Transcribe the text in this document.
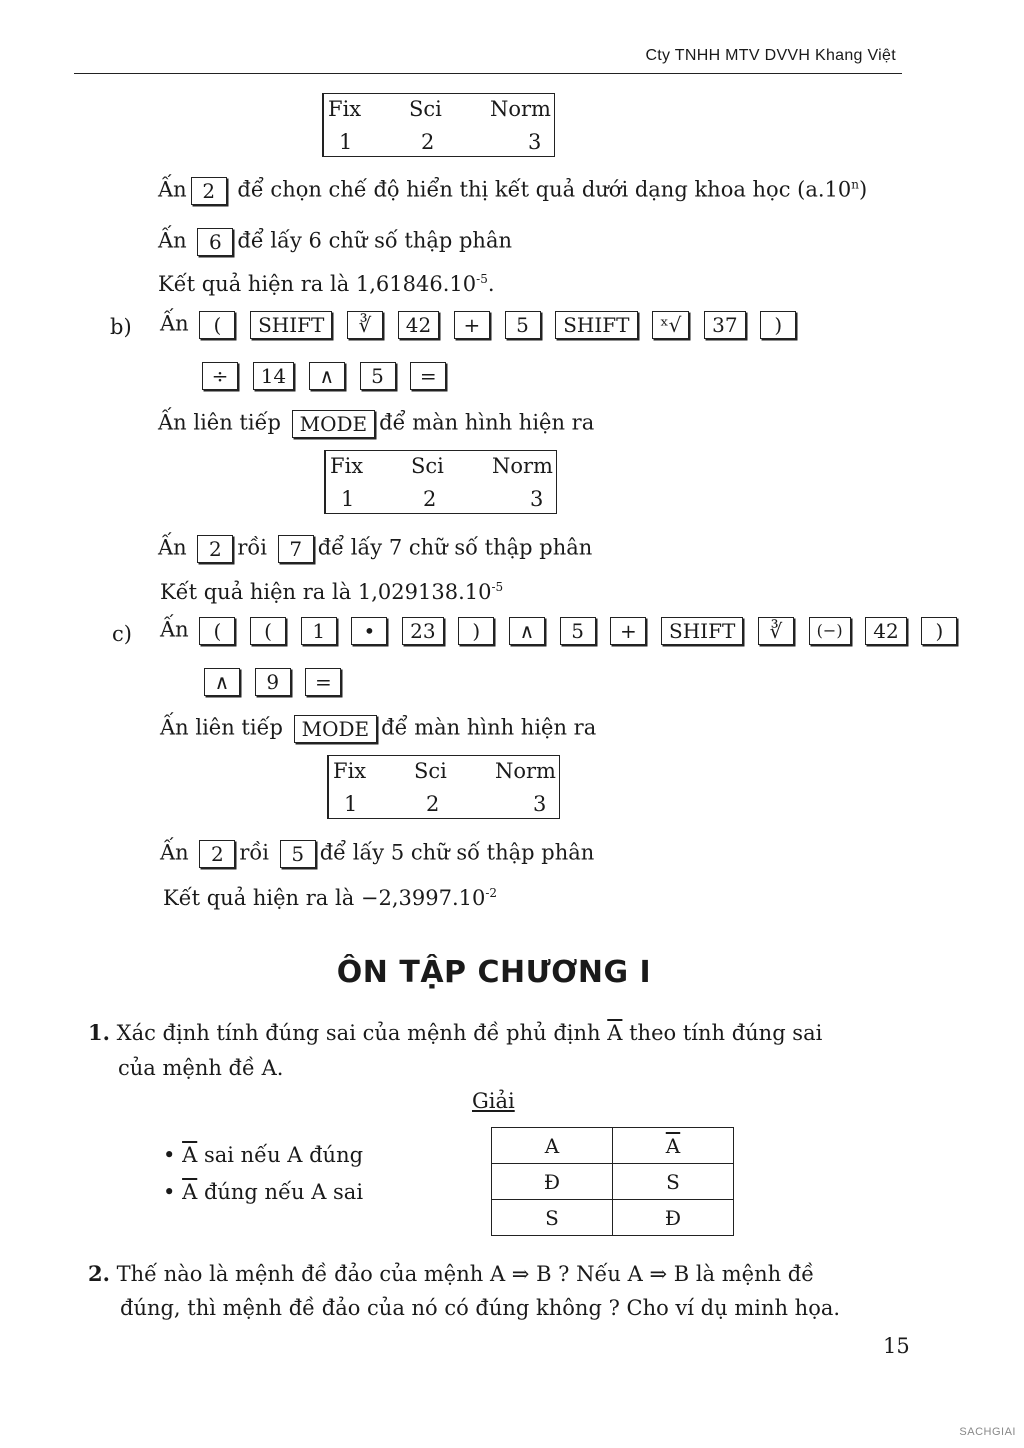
Cty TNHH MTV DVVH Khang Việt
Fix Sci Norm
1	2	3
Ấn 2 để chọn chế độ hiển thị kết quả dưới dạng khoa học (a.10$^n$)
Ấn 6 để lấy 6 chữ số thập phân
Kết quả hiện ra là $1,61846.10^{-5}$.
b) Ấn ( SHIFT ∛ 42 + 5 SHIFT ˣ√ 37 )
÷ 14 ∧ 5 =
Ấn liên tiếp MODE để màn hình hiện ra
Fix Sci Norm
1	2	3
Ấn 2 rồi 7 để lấy 7 chữ số thập phân
Kết quả hiện ra là $1,029138.10^{-5}$
c) Ấn ( ( 1 • 23 ) ∧ 5 + SHIFT ∛ (−) 42 )
∧ 9 =
Ấn liên tiếp MODE để màn hình hiện ra
Fix Sci Norm
1	2	3
Ấn 2 rồi 5 để lấy 5 chữ số thập phân
Kết quả hiện ra là $-2,3997.10^{-2}$
ÔN TẬP CHƯƠNG I
1. Xác định tính đúng sai của mệnh đề phủ định $\overline{A}$ theo tính đúng sai
của mệnh đề A.
Giải
• $\overline{A}$ sai nếu A đúng
• $\overline{A}$ đúng nếu A sai
A	$\overline{A}$
Đ	S
S	Đ
2. Thế nào là mệnh đề đảo của mệnh A ⇒ B ? Nếu A ⇒ B là mệnh đề
đúng, thì mệnh đề đảo của nó có đúng không ? Cho ví dụ minh họa.
15
SACHGIAI
